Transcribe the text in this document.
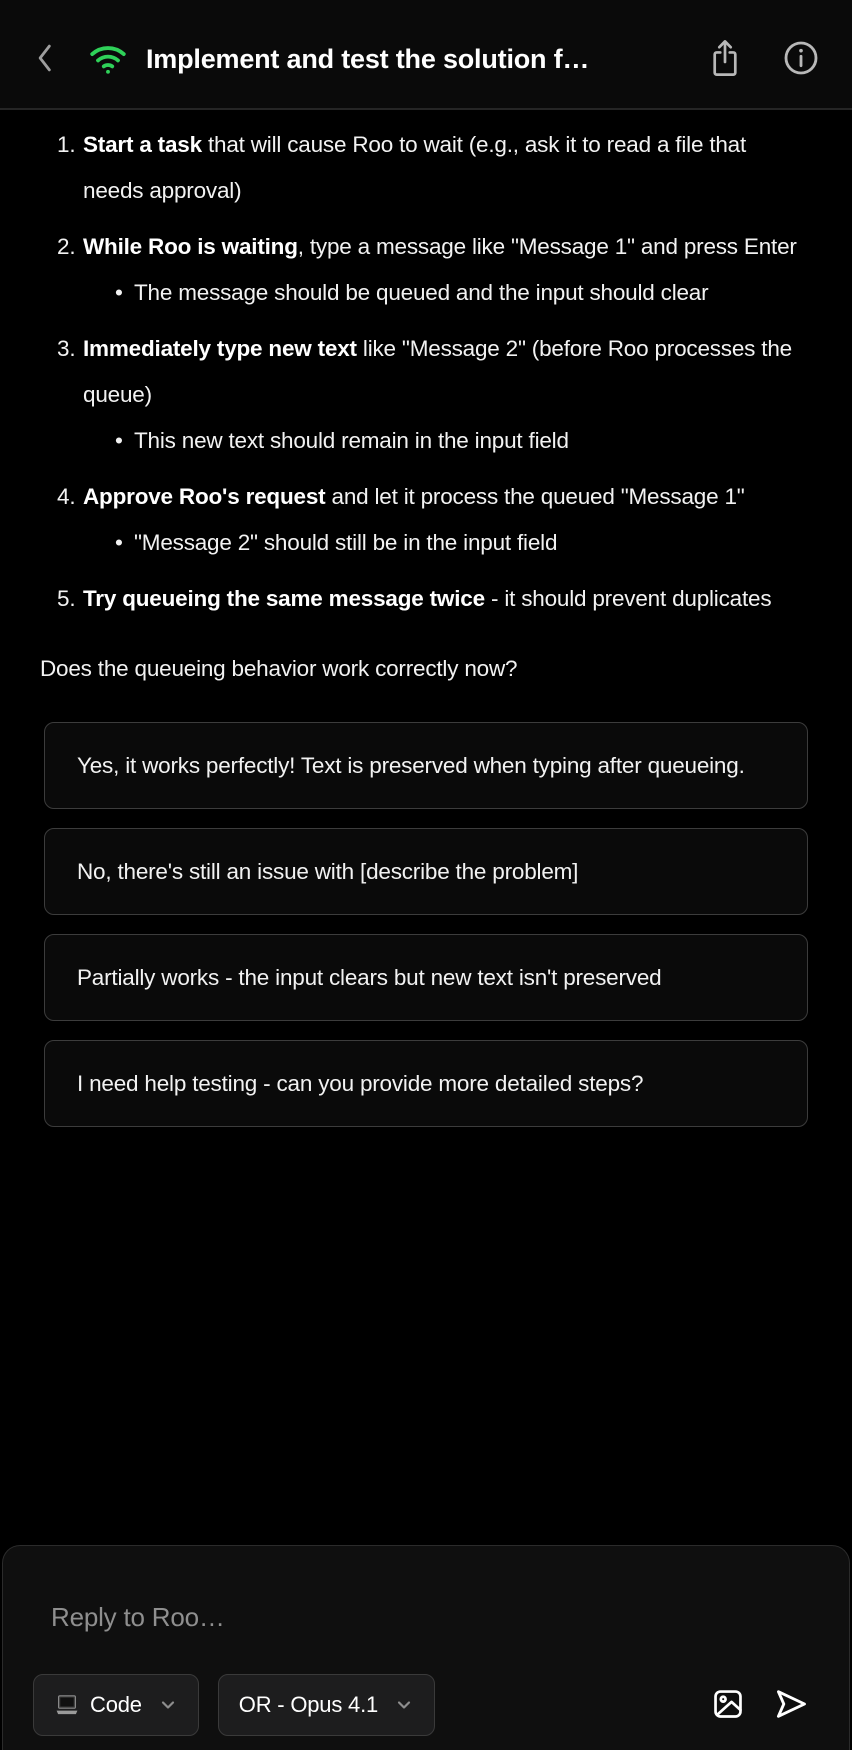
Implement and test the solution f…
1. Start a task that will cause Roo to wait (e.g., ask it to read a file that needs approval)
2. While Roo is waiting, type a message like "Message 1" and press Enter
• The message should be queued and the input should clear
3. Immediately type new text like "Message 2" (before Roo processes the queue)
• This new text should remain in the input field
4. Approve Roo's request and let it process the queued "Message 1"
• "Message 2" should still be in the input field
5. Try queueing the same message twice - it should prevent duplicates

Does the queueing behavior work correctly now?

Yes, it works perfectly! Text is preserved when typing after queueing.
No, there's still an issue with [describe the problem]
Partially works - the input clears but new text isn't preserved
I need help testing - can you provide more detailed steps?
Reply to Roo…
Code	OR - Opus 4.1
